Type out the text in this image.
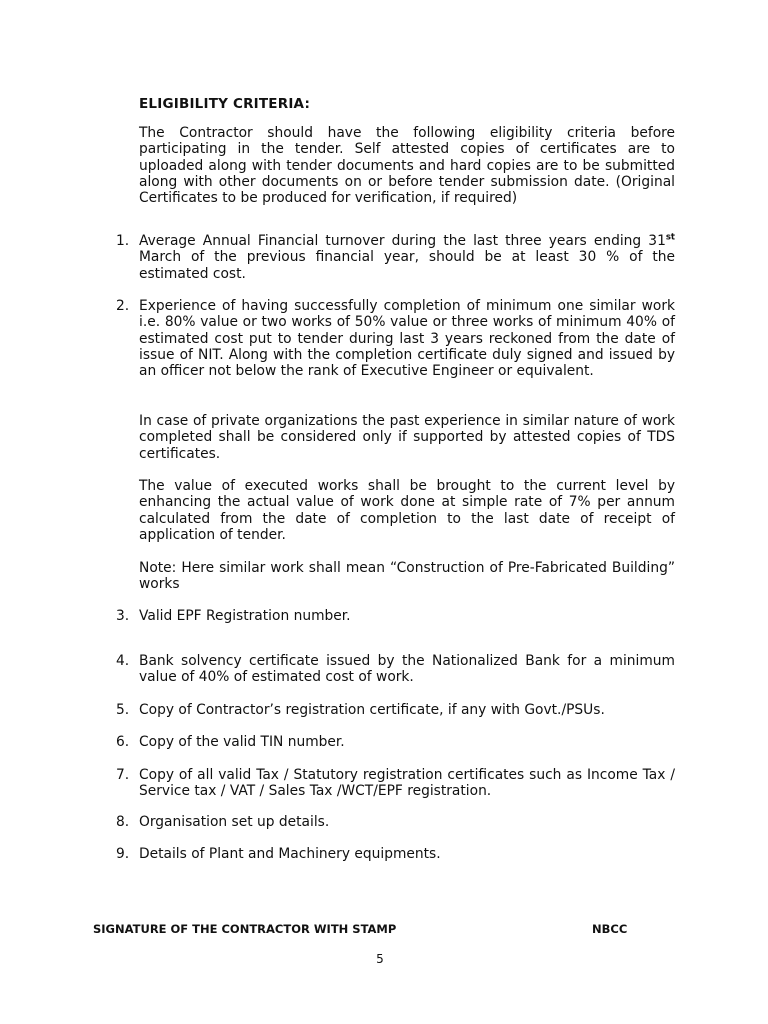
ELIGIBILITY CRITERIA:
The Contractor should have the following eligibility criteria before participating in the tender. Self attested copies of certificates are to uploaded along with tender documents and hard copies are to be submitted along with other documents on or before tender submission date. (Original Certificates to be produced for verification, if required)
1. Average Annual Financial turnover during the last three years ending 31st March of the previous financial year, should be at least 30 % of the estimated cost.
2. Experience of having successfully completion of minimum one similar work i.e. 80% value or two works of 50% value or three works of minimum 40% of estimated cost put to tender during last 3 years reckoned from the date of issue of NIT. Along with the completion certificate duly signed and issued by an officer not below the rank of Executive Engineer or equivalent.
In case of private organizations the past experience in similar nature of work completed shall be considered only if supported by attested copies of TDS certificates.
The value of executed works shall be brought to the current level by enhancing the actual value of work done at simple rate of 7% per annum calculated from the date of completion to the last date of receipt of application of tender.
Note: Here similar work shall mean “Construction of Pre-Fabricated Building” works
3. Valid EPF Registration number.
4. Bank solvency certificate issued by the Nationalized Bank for a minimum value of 40% of estimated cost of work.
5. Copy of Contractor’s registration certificate, if any with Govt./PSUs.
6. Copy of the valid TIN number.
7. Copy of all valid Tax / Statutory registration certificates such as Income Tax / Service tax / VAT / Sales Tax /WCT/EPF registration.
8. Organisation set up details.
9. Details of Plant and Machinery equipments.
SIGNATURE OF THE CONTRACTOR WITH STAMP	NBCC
5
